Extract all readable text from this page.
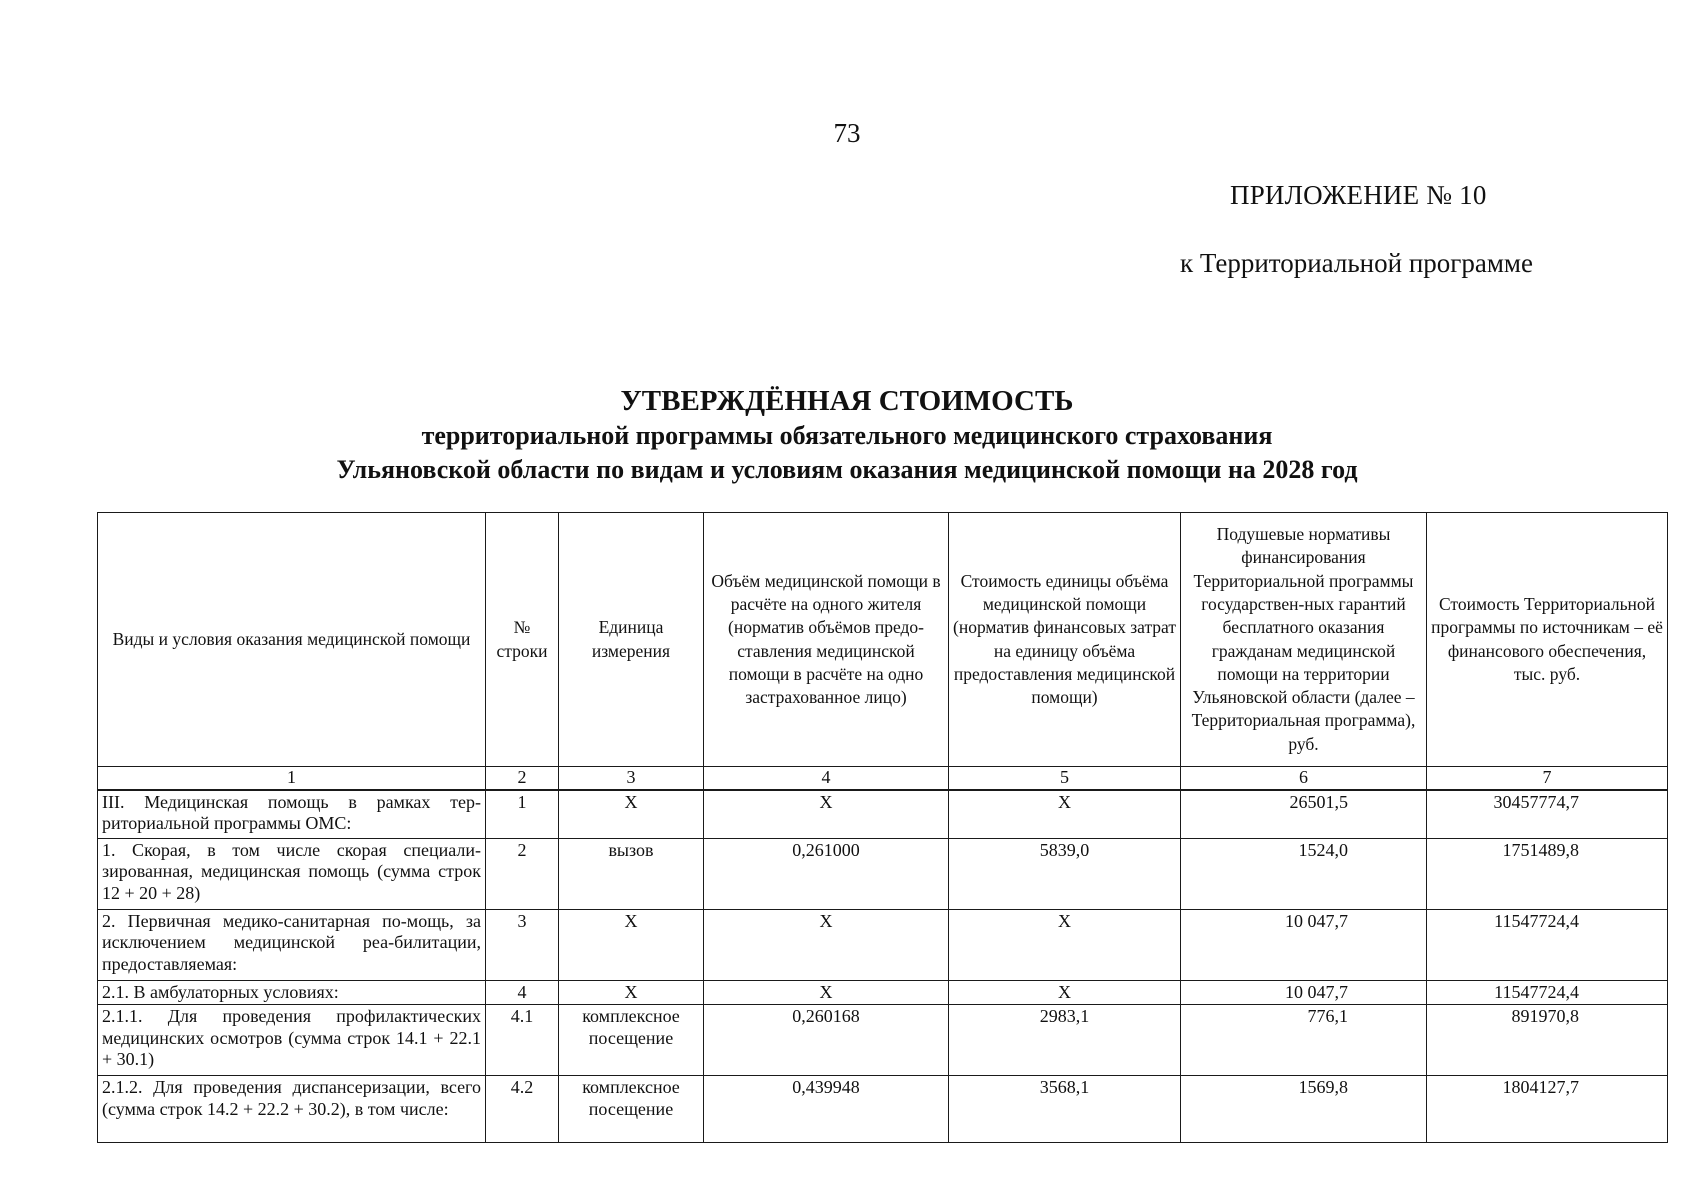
73
ПРИЛОЖЕНИЕ № 10
к Территориальной программе
УТВЕРЖДЁННАЯ СТОИМОСТЬ
территориальной программы обязательного медицинского страхования
Ульяновской области по видам и условиям оказания медицинской помощи на 2028 год
Виды и условия оказания медицинской помощи	№ строки	Единица измерения	Объём медицинской помощи в расчёте на одного жителя (норматив объёмов предо-ставления медицинской помощи в расчёте на одно застрахованное лицо)	Стоимость единицы объёма медицинской помощи (норматив финансовых затрат на единицу объёма предоставления медицинской помощи)	Подушевые нормативы финансирования Территориальной программы государствен-ных гарантий бесплатного оказания гражданам медицинской помощи на территории Ульяновской области (далее – Территориальная программа), руб.	Стоимость Территориальной программы по источникам – её финансового обеспечения, тыс. руб.
1	2	3	4	5	6	7
III. Медицинская помощь в рамках тер-риториальной программы ОМС:	1	Х	Х	Х	26501,5	30457774,7
1. Скорая, в том числе скорая специали-зированная, медицинская помощь (сумма строк 12 + 20 + 28)	2	вызов	0,261000	5839,0	1524,0	1751489,8
2. Первичная медико-санитарная по-мощь, за исключением медицинской реа-билитации, предоставляемая:	3	Х	Х	Х	10 047,7	11547724,4
2.1. В амбулаторных условиях:	4	Х	Х	Х	10 047,7	11547724,4
2.1.1. Для проведения профилактических медицинских осмотров (сумма строк 14.1 + 22.1 + 30.1)	4.1	комплексное посещение	0,260168	2983,1	776,1	891970,8
2.1.2. Для проведения диспансеризации, всего (сумма строк 14.2 + 22.2 + 30.2), в том числе:	4.2	комплексное посещение	0,439948	3568,1	1569,8	1804127,7
